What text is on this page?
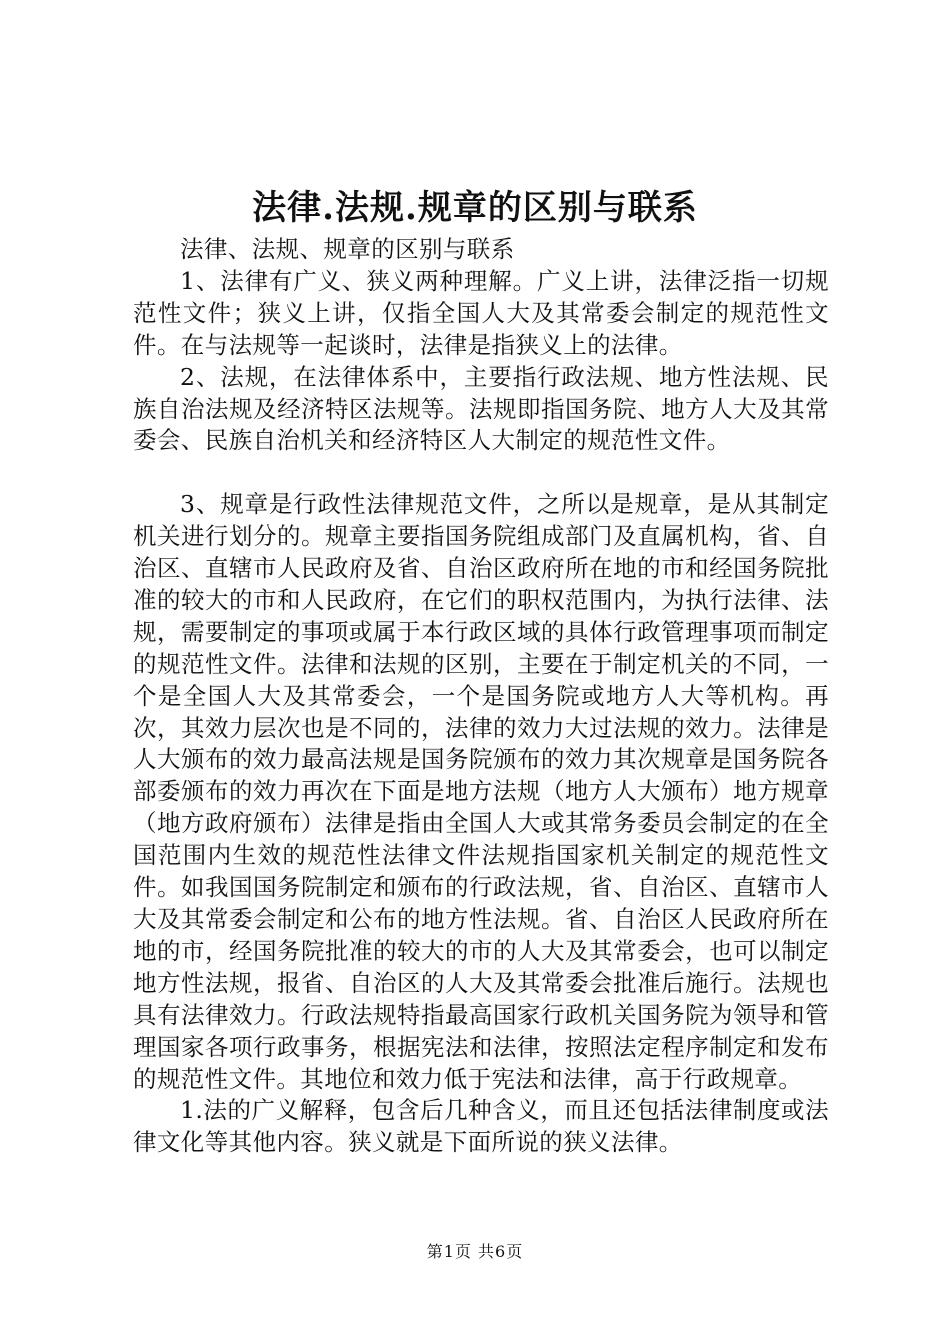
法律.法规.规章的区别与联系

法律、法规、规章的区别与联系

1、法律有广义、狭义两种理解。广义上讲，法律泛指一切规范性文件；狭义上讲，仅指全国人大及其常委会制定的规范性文件。在与法规等一起谈时，法律是指狭义上的法律。

2、法规，在法律体系中，主要指行政法规、地方性法规、民族自治法规及经济特区法规等。法规即指国务院、地方人大及其常委会、民族自治机关和经济特区人大制定的规范性文件。

3、规章是行政性法律规范文件，之所以是规章，是从其制定机关进行划分的。规章主要指国务院组成部门及直属机构，省、自治区、直辖市人民政府及省、自治区政府所在地的市和经国务院批准的较大的市和人民政府，在它们的职权范围内，为执行法律、法规，需要制定的事项或属于本行政区域的具体行政管理事项而制定的规范性文件。法律和法规的区别，主要在于制定机关的不同，一个是全国人大及其常委会，一个是国务院或地方人大等机构。再次，其效力层次也是不同的，法律的效力大过法规的效力。法律是人大颁布的效力最高法规是国务院颁布的效力其次规章是国务院各部委颁布的效力再次在下面是地方法规（地方人大颁布）地方规章（地方政府颁布）法律是指由全国人大或其常务委员会制定的在全国范围内生效的规范性法律文件法规指国家机关制定的规范性文件。如我国国务院制定和颁布的行政法规，省、自治区、直辖市人大及其常委会制定和公布的地方性法规。省、自治区人民政府所在地的市，经国务院批准的较大的市的人大及其常委会，也可以制定地方性法规，报省、自治区的人大及其常委会批准后施行。法规也具有法律效力。行政法规特指最高国家行政机关国务院为领导和管理国家各项行政事务，根据宪法和法律，按照法定程序制定和发布的规范性文件。其地位和效力低于宪法和法律，高于行政规章。

1.法的广义解释，包含后几种含义，而且还包括法律制度或法律文化等其他内容。狭义就是下面所说的狭义法律。

第1页 共6页
